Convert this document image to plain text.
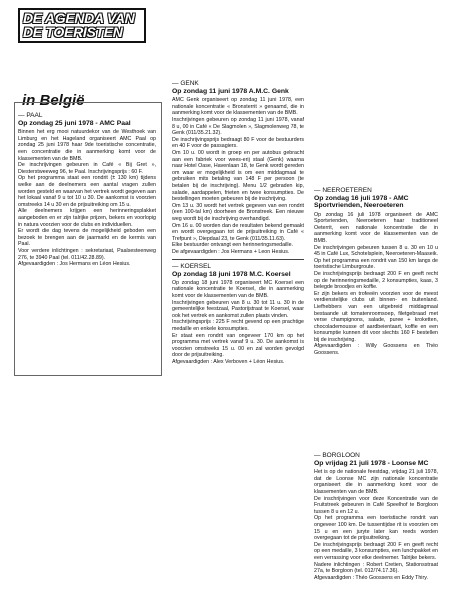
DE AGENDA VAN
DE TOERISTEN
in België
— PAAL
Op zondag 25 juni 1978 - AMC Paal
Binnen het erg mooi natuurdekor van de Westhoek van Limburg en het Hageland organiseert AMC Paal op zondag 25 juni 1978 haar 9de toeristische concentratie, een concentratie die in aanmerking komt voor de klassementen van de BMB.
De inschrijvingen gebeuren in Café « Bij Gret », Diesterstweeweg 96, te Paal. Inschrijvingsprijs : 60 F.
Op het programma staat een rondrit (± 130 km) tijdens welke aan de deelnemers een aantal vragen zullen worden gesteld en waarvan het vertrek wordt gegeven aan het lokaal vanaf 9 u tot 10 u 30. De aankomst is voorzien omstreeks 14 u 30 en de prijsuitreiking om 15 u.
Alle deelnemers krijgen een herinneringsplakket aangeboden en er zijn talrijke prijzen, bekers en voorlopig in natura voorzien voor de clubs en individuellen.
Er wordt die dag tevens de mogelijkheid geboden een bezoek te brengen aan de jaarmarkt en de kermis van Paal.
Voor verdere inlichtingen : sekretariaat, Paalsesteenweg 276, te 3940 Paal (tel. 011/42.28.89).
Afgevaardigden : Jos Hermans en Léon Hesius.
— GENK
Op zondag 11 juni 1978 A.M.C. Genk
AMC Genk organiseert op zondag 11 juni 1978, een nationale koncentratie « Bronsterrit » genaamd, die in aanmerking komt voor de klassementen van de BMB.
Inschrijvingen gebeuren op zondag 11 juni 1978, vanaf 8 u, 00 in Café « De Slagmolen », Slagmolenweg 78, te Genk (011/35.21.32).
De inschrijvingsprijs bedraagt 80 F voor de bestuurders en 40 F voor de passagiers.
Om 10 u. 00 wordt in groep en per autobus gebracht aan een fabriek voor wees-erij staal (Genk) waarna naar Hotel Oase, Havenlaan 18, te Genk wordt gereden om waar er mogelijkheid is om een middagmaal te gebruiken mits betaling van 148 F per persoon (te betalen bij de inschrijving). Menu 1/2 gebraden kip, salade, aardappelen, frieten en twee konsumpties. De bestellingen moeten gebeuren bij de inschrijving.
Om 13 u. 30 wordt het vertrek gegeven van een rondrit (een 100-tal km) doorheen de Bronstreek. Een nieuwe weg wordt bij de inschrijving overhandigd.
Om 16 u. 00 worden dan de resultaten bekend gemaakt en wordt overgegaan tot de prijsuitreiking in Café « Trefpunt », Diepdaal 23, te Genk (011/35.11.63).
Elke bestuurder ontvangt een herinneringsmedaille.
De afgevaardigden : Jos Hermans + Leon Hesius.
— KOERSEL
Op zondag 18 juni 1978 M.C. Koersel
Op zondag 18 juni 1978 organiseert MC Koersel een nationale koncentratie te Koersel, die in aanmerking komt voor de klassementen van de BMB.
Inschrijvingen gebeuren van 8 u. 30 tot 11 u. 30 in de gemeentelijke feestzaal, Pastorijstraat te Koersel, waar ook het vertrek en aankomst zullen plaats vinden.
Inschrijvingsprijs : 225 F recht gevend op een prachtige medaille en enkele konsumpties.
Er staat een rondrit van ongeveer 170 km op het programma met vertrek vanaf 9 u. 30. De aankomst is voorzien omstreeks 15 u. 00 en zal worden gevolgd door de prijsuitreiking.
Afgevaardigden : Alex Verboven + Léon Hesius.
— NEEROETEREN
Op zondag 16 juli 1978 - AMC Sportvrienden, Neeroeteren
Op zondag 16 juli 1978 organiseert de AMC Sportvrienden, Neeroeteren haar traditioneel Oeterrit, een nationale koncentratie die in aanmerking komt voor de klassementen van de BMB.
De inschrijvingen gebeuren tussen 8 u. 30 en 10 u 45 in Café Lux, Schotelsplein, Neeroeteren-Maaseik.
Op het programma een rondrit van 150 km langs de toeristische Limburgroute.
De inschrijvingsprijs bedraagt 200 F en geeft recht op de herinneringsmedaille, 2 konsumpties, kaas, 3 belegde broodjes en koffie.
Er zijn bekers en trofeeën voorzien voor de meest verdienstelijke clubs uit binnen- en buitenland. Liefhebbers van een uitgebreid middagmaal bestaande uit tomatenroomsoep, filetgebraad met verse champignons, salade, puree + kroketten, chocolademousse of aardbeientaart, koffie en een konsumptie kunnen dit voor slechts 160 F bestellen bij de inschrijving.
Afgevaardigden : Willy Goossens en Théo Goossens.
— BORGLOON
Op vrijdag 21 juli 1978 - Loonse MC
Het is op de nationale feestdag, vrijdag 21 juli 1978, dat de Loonse MC zijn nationale koncentratie organiseert die in aanmerking komt voor de klassementen van de BMB.
De inschrijvingen voor deze Koncentratie van de Fruitstreek gebeuren in Café Speelhof te Borgloon tussen 8 u en 12 u.
Op het programma een toeristische rondrit van ongeveer 100 km. De tussentijdse rit is voorzien om 15 u en een juryte later kan reeds worden overgegaan tot de prijsuitreiking.
De inschrijvingsprijs bedraagt 200 F en geeft recht op een medaille, 3 konsumpties, een lunchpakket en een verrassing voor elke deelnemer. Talrijke bekers.
Nadere inlichtingen : Robert Cretien, Stationsstraat 27a, te Borgloon (tel. 012/74.17.36).
Afgevaardigden : Théo Goossens en Eddy Thiry.
